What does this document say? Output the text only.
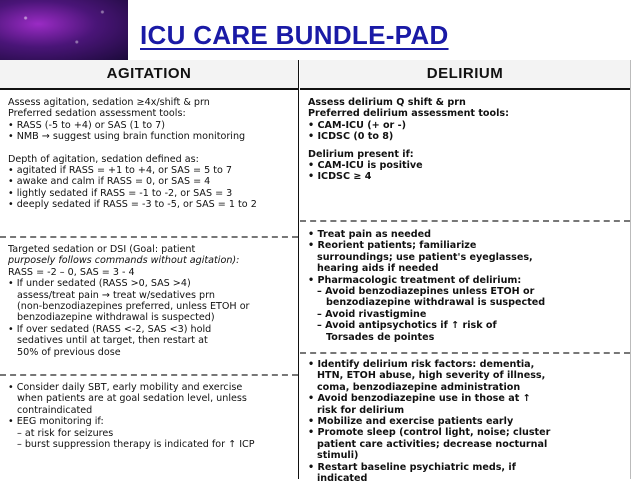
ICU CARE BUNDLE-PAD
AGITATION
Assess agitation, sedation ≥4x/shift & prn
Preferred sedation assessment tools:
• RASS (-5 to +4) or SAS (1 to 7)
• NMB → suggest using brain function monitoring
Depth of agitation, sedation defined as:
• agitated if RASS = +1 to +4, or SAS = 5 to 7
• awake and calm if RASS = 0, or SAS = 4
• lightly sedated if RASS = -1 to -2, or SAS = 3
• deeply sedated if RASS = -3 to -5, or SAS = 1 to 2
Targeted sedation or DSI (Goal: patient
purposely follows commands without agitation):
RASS = -2 – 0, SAS = 3 - 4
• If under sedated (RASS >0, SAS >4)
assess/treat pain → treat w/sedatives prn
(non-benzodiazepines preferred, unless ETOH or
benzodiazepine withdrawal is suspected)
• If over sedated (RASS <-2, SAS <3) hold
sedatives until at target, then restart at
50% of previous dose
• Consider daily SBT, early mobility and exercise
when patients are at goal sedation level, unless
contraindicated
• EEG monitoring if:
– at risk for seizures
– burst suppression therapy is indicated for ↑ ICP
DELIRIUM
Assess delirium Q shift & prn
Preferred delirium assessment tools:
• CAM-ICU (+ or -)
• ICDSC (0 to 8)
Delirium present if:
• CAM-ICU is positive
• ICDSC ≥ 4
• Treat pain as needed
• Reorient patients; familiarize
surroundings; use patient's eyeglasses,
hearing aids if needed
• Pharmacologic treatment of delirium:
– Avoid benzodiazepines unless ETOH or
benzodiazepine withdrawal is suspected
– Avoid rivastigmine
– Avoid antipsychotics if ↑ risk of
Torsades de pointes
• Identify delirium risk factors: dementia,
HTN, ETOH abuse, high severity of illness,
coma, benzodiazepine administration
• Avoid benzodiazepine use in those at ↑
risk for delirium
• Mobilize and exercise patients early
• Promote sleep (control light, noise; cluster
patient care activities; decrease nocturnal
stimuli)
• Restart baseline psychiatric meds, if
indicated
